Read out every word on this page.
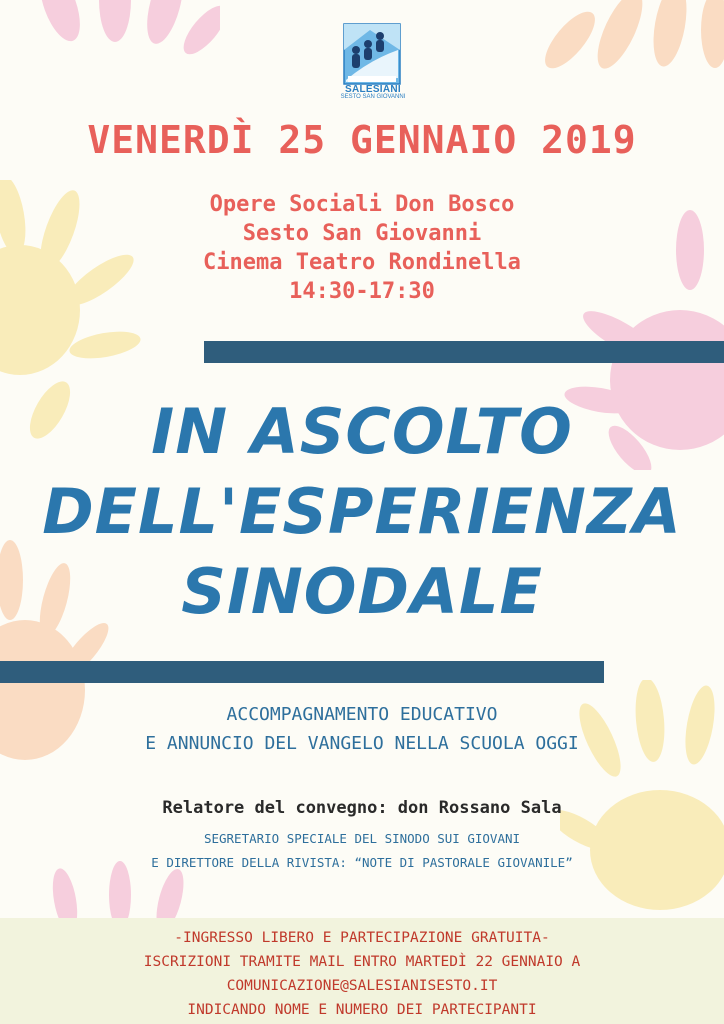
SALESIANI
SESTO SAN GIOVANNI
VENERDÌ 25 GENNAIO 2019
Opere Sociali Don Bosco
Sesto San Giovanni
Cinema Teatro Rondinella
14:30-17:30
IN ASCOLTO
DELL'ESPERIENZA
SINODALE
ACCOMPAGNAMENTO EDUCATIVO
E ANNUNCIO DEL VANGELO NELLA SCUOLA OGGI
Relatore del convegno: don Rossano Sala
SEGRETARIO SPECIALE DEL SINODO SUI GIOVANI
E DIRETTORE DELLA RIVISTA: “NOTE DI PASTORALE GIOVANILE”
-INGRESSO LIBERO E PARTECIPAZIONE GRATUITA-
ISCRIZIONI TRAMITE MAIL ENTRO MARTEDÌ 22 GENNAIO A
COMUNICAZIONE@SALESIANISESTO.IT
INDICANDO NOME E NUMERO DEI PARTECIPANTI
